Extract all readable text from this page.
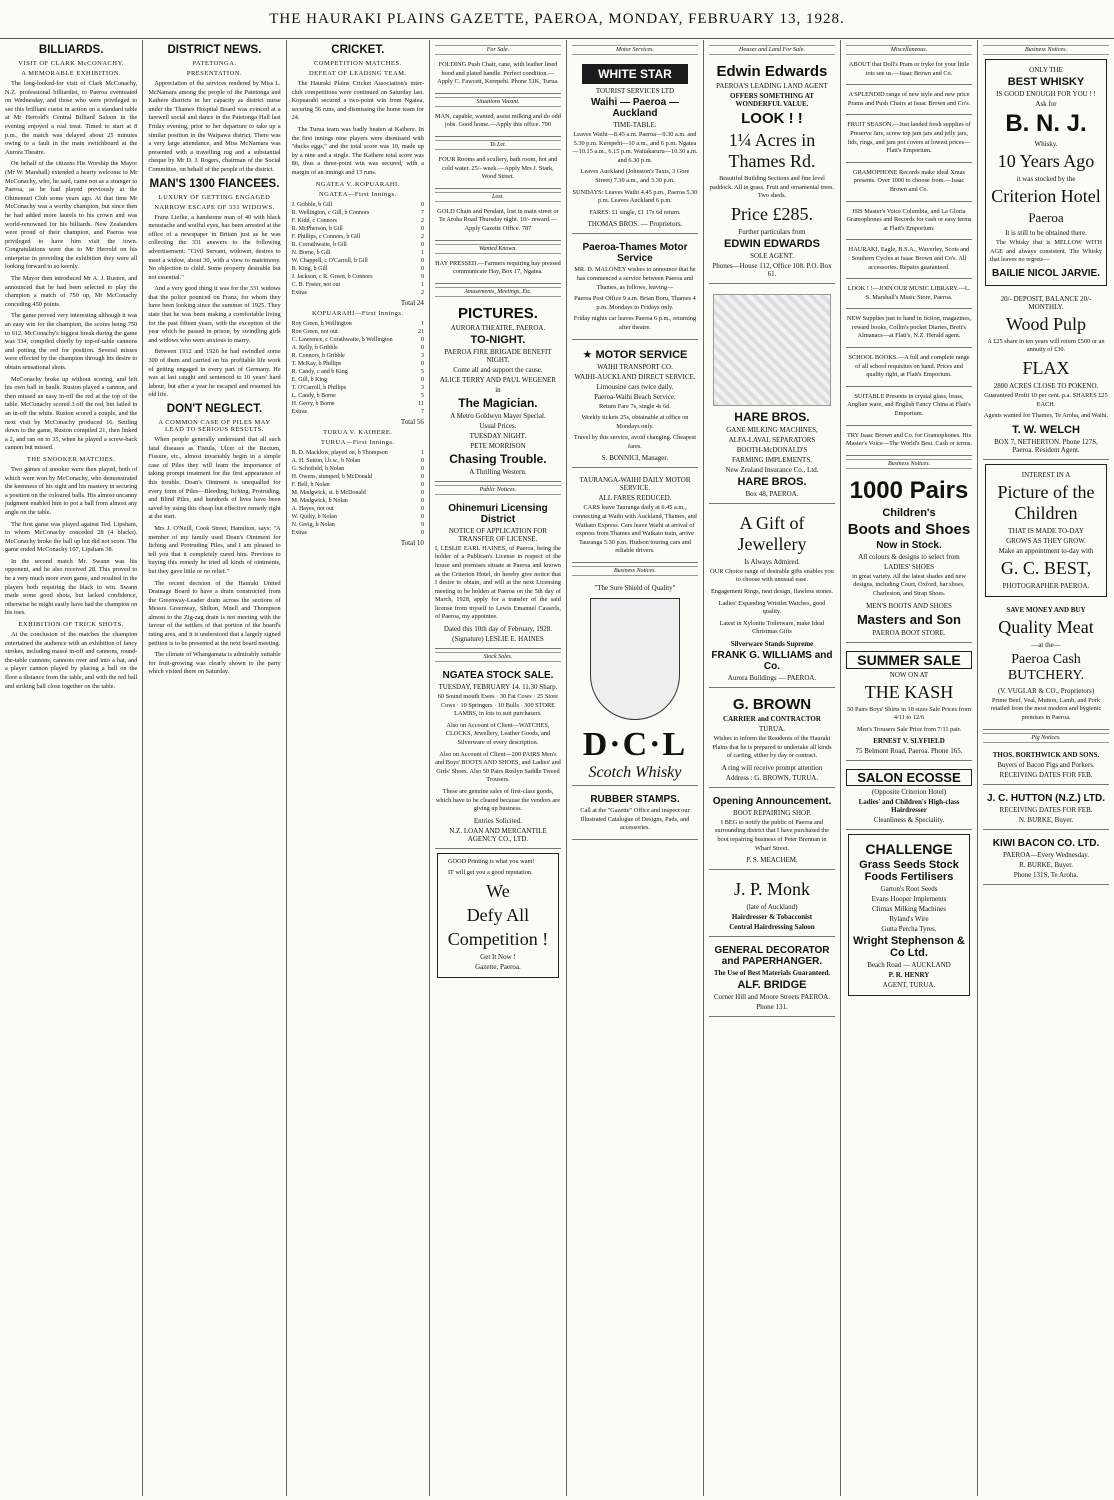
THE HAURAKI PLAINS GAZETTE, PAEROA, MONDAY, FEBRUARY 13, 1928.
BILLIARDS.
VISIT OF CLARK McCONACHY.
A MEMORABLE EXHIBITION.

The long-looked-for visit of Clark McConachy, N.Z. professional billiardist, to Paeroa eventuated on Wednesday, and those who were privileged to see this brilliant cueist in action on a standard table at Mr Herrold's Central Billiard Saloon in the evening enjoyed a real treat. Timed to start at 8 p.m., the match was delayed about 25 minutes owing to a fault in the main switchboard at the Aurora Theatre.

On behalf of the citizens His Worship the Mayor (Mr W. Marshall) extended a hearty welcome to Mr McConachy, who, he said, came not as a stranger to Paeroa, as he had played previously at the Ohinemuri Club some years ago. At that time Mr McConachy was a worthy champion, but since then he had added more laurels to his crown and was world-renowned for his billiards. New Zealanders were proud of their champion, and Paeroa was privileged to have him visit the town. Congratulations were due to Mr Herrold on his enterprise in providing the exhibition they were all looking forward to so keenly.

The Mayor then introduced Mr A. J. Ruston, and announced that he had been selected to play the champion a match of 750 up, Mr McConachy conceding 450 points.

The game proved very interesting although it was an easy win for the champion, the scores being 750 to 612. McConachy's biggest break during the game was 334, compiled chiefly by top-of-table cannons and potting the red for position. Several misses were effected by the champion through his desire to obtain sensational shots.

McConachy broke up without scoring, and left his own ball in baulk. Ruston played a cannon, and then missed an easy in-off the red at the top of the table. McConachy scored 3 off the red, but failed in an in-off the white. Ruston scored a couple, and the next visit by McConachy produced 16. Settling down to the game, Ruston compiled 21, then linked a 2, and ran on to 35, when he played a screw-back cannon but missed.

THE SNOOKER MATCHES.

Two games of snooker were then played, both of which were won by McConachy, who demonstrated the keenness of his sight and his mastery in securing a position on the coloured balls. His almost uncanny judgment enabled him to pot a ball from almost any angle on the table.

The first game was played against Ted. Lipsham, to whom McConachy conceded 28 (4 blacks). McConachy broke the ball up but did not score. The game ended McConachy 107, Lipsham 38.

In the second match Mr. Swann was his opponent, and he also received 28. This proved to be a very much more even game, and resulted in the players both requiring the black to win. Swann made some good shots, but lacked confidence, otherwise he might easily have had the champion on his toes.

EXHIBITION OF TRICK SHOTS.

At the conclusion of the matches the champion entertained the audience with an exhibition of fancy strokes, including massé in-off and cannons, round-the-table cannons, cannons over and into a hat, and a player cannon played by placing a ball on the floor a distance from the table, and with the red ball and striking ball close together on the table.

DISTRICT NEWS.
PATETONGA.
PRESENTATION.

Appreciation of the services rendered by Miss L. McNamara among the people of the Patetonga and Kaihere districts in her capacity as district nurse under the Thames Hospital Board was evinced at a farewell social and dance in the Patetonga Hall last Friday evening, prior to her departure to take up a similar position in the Waipawa district. There was a very large attendance, and Miss McNamara was presented with a travelling rug and a substantial cheque by Mr D. J. Rogers, chairman of the Social Committee, on behalf of the people of the district.

MAN'S 1300 FIANCEES.
LUXURY OF GETTING ENGAGED
NARROW ESCAPE OF 331 WIDOWS.

Franz Liefke, a handsome man of 40 with black moustache and soulful eyes, has been arrested at the office of a newspaper in Britain just as he was collecting the 331 answers to the following advertisement: "Civil Servant, widower, desires to meet a widow, about 30, with a view to matrimony. No objection to child. Some property desirable but not essential."

And a very good thing it was for the 331 widows that the police pounced on Franz, for whom they have been looking since the summer of 1925. They state that he was been making a comfortable living for the past fifteen years, with the exception of the year which he passed in prison, by swindling girls and widows who were anxious to marry.

Between 1912 and 1926 he had swindled some 300 of them and carried on his profitable life work of getting engaged in every part of Germany. He was at last caught and sentenced to 10 years' hard labour, but after a year he escaped and resumed his old life.

DON'T NEGLECT.
A COMMON CASE OF PILES MAY LEAD TO SERIOUS RESULTS.

When people generally understand that all such fatal diseases as Fistula, Ulcer of the Rectum, Fissure, etc., almost invariably begin in a simple case of Piles they will learn the importance of taking prompt treatment for the first appearance of this trouble. Doan's Ointment is unequalled for every form of Piles—Bleeding, Itching, Protruding, and Blind Piles, and hundreds of lives have been saved by using this cheap but effective remedy right at the start.

Mrs J. O'Neill, Cook Street, Hamilton, says: "A member of my family used Doan's Ointment for Itching and Protruding Piles, and I am pleased to tell you that it completely cured him. Previous to buying this remedy he tried all kinds of ointments, but they gave little or no relief."

The recent decision of the Hauraki United Drainage Board to have a drain constructed from the Greenway-Leader drain across the sections of Messrs Greenway, Shilton, Muell and Thompson almost to the Zig-zag drain is not meeting with the favour of the settlers of that portion of the board's rating area, and it is understood that a largely signed petition is to be presented at the next board meeting.

The climate of Whangamata is admirably suitable for fruit-growing was clearly shown to the party which visited there on Saturday.

CRICKET.
COMPETITION MATCHES.
DEFEAT OF LEADING TEAM.

The Hauraki Plains Cricket Association's inter-club competitions were continued on Saturday last. Kopuarahi secured a two-point win from Ngatea, securing 56 runs, and dismissing the home team for 24.

The Turua team was badly beaten at Kaihere. In the first innings nine players were dismissed with "ducks eggs," and the total score was 10, made up by a nine and a single. The Kaihere total score was 86, thus a three-point win was secured, with a margin of an innings and 13 runs.

NGATEA V. KOPUARAHI.
NGATEA—First Innings.
J. Gribble, b Gill	0
R. Wellington, c Gill, b Connors	7
F. Kidd, c Connors	2
R. McPherson, b Gill	0
F. Phillips, c Connors, b Gill	2
R. Corrathwaite, b Gill	0
N. Borne, b Gill	1
W. Chappell, c O'Carroll, b Gill	0
B. King, b Gill	0
J. Jackson, c R. Green, b Connors	9
C. B. Foster, not out	1
Extras	2
Total 24
KOPUARAHI—First Innings.
Roy Green, b Wellington	1
Ron Green, not out	21
C. Lawrence, c Corathwaite, b Wellington	0
A. Kelly, b Gribble	0
R. Connors, b Gribble	3
T. McKay, b Phillips	0
R. Candy, c and b King	5
E. Gill, b King	0
T. O'Carroll, b Phillips	3
L. Candy, b Borne	5
H. Gerry, b Borne	11
Extras	7
Total 56
TURUA V. KAIHERE.
TURUA—First Innings.
B. D. Macklow, played on, b Thompson	1
A. H. Sutton, l.b.w., b Nolan	0
G. Schofield, b Nolan	0
H. Owens, stumped, b McDonald	0
F. Bell, b Nolan	0
M. Madgwick, st. b McDonald	0
M. Madgwick, b Nolan	0
A. Hayes, not out	0
W. Quilty, b Nolan	0
N. Greig, b Nolan	9
Extras	0
Total 10
For Sale.

FOLDING Push Chair, cane, with leather lined hood and plated handle. Perfect condition.—Apply C. Fawcett, Kerepehi. Phone 51K, Turua.

Situations Vacant.

MAN, capable, wanted, assist milking and do odd jobs. Good home.—Apply this office. 790

To Let.

FOUR Rooms and scullery, bath room, hot and cold water. 25/- week.—Apply Mrs J. Stark, Wood Street.

Lost.

GOLD Chain and Pendant, lost in main street or Te Aroha Road Thursday night. 10/- reward.—Apply Gazette Office. 787

Wanted Known.

HAY PRESSED.—Farmers requiring hay pressed communicate Hay, Box 17, Ngatea.

Amusements, Meetings, Etc.
PICTURES.
AURORA THEATRE, PAEROA.
TO-NIGHT.
PAEROA FIRE BRIGADE BENEFIT NIGHT.
Come all and support the cause.
ALICE TERRY AND PAUL WEGENER
in
The Magician.
A Metro Goldwyn Mayer Special.
Usual Prices.
TUESDAY NIGHT.
PETE MORRISON
Chasing Trouble.
A Thrilling Western.
Public Notices.
Ohinemuri Licensing District
NOTICE OF APPLICATION FOR TRANSFER OF LICENSE.

I, LESLIE EARL HAINES, of Paeroa, being the holder of a Publican's License in respect of the house and premises situate at Paeroa and known as the Criterion Hotel, do hereby give notice that I desire to obtain, and will at the next Licensing meeting to be holden at Paeroa on the 5th day of March, 1928, apply for a transfer of the said license from myself to Lewis Emanuel Casserls, of Paeroa, my appointee.

Dated this 10th day of February, 1928.
(Signature) LESLIE E. HAINES
Stock Sales.
NGATEA STOCK SALE.
TUESDAY, FEBRUARY 14. 11.30 Sharp.

60 Sound mouth Ewes · 30 Fat Cows · 25 Store Cows · 10 Springers · 10 Bulls · 300 STORE LAMBS, in lots to suit purchasers.

Also on Account of Client—WATCHES, CLOCKS, Jewellery, Leather Goods, and Silverware of every description.

Also on Account of Client—200 PAIRS Men's and Boys' BOOTS AND SHOES, and Ladies' and Girls' Shoes. Also 50 Pairs Roslyn Saddle Tweed Trousers.

These are genuine sales of first-class goods, which have to be cleared because the vendors are giving up business.

Entries Solicited.
N.Z. LOAN AND MERCANTILE AGENCY CO., LTD.

GOOD Printing is what you want!

IT will get you a good reputation.

We
Defy All
Competition !
Get It Now !
Gazette, Paeroa.
Motor Services.
WHITE STAR
TOURIST SERVICES LTD
Waihi — Paeroa — Auckland
TIME-TABLE.

Leaves Waihi—8.45 a.m. Paeroa—9.30 a.m. and 5.30 p.m. Kerepehi—10 a.m., and 6 p.m. Ngatea—10.15 a.m., 6.15 p.m. Waitakaruru—10.30 a.m. and 6.30 p.m.

Leaves Auckland (Johnston's Taxis, 3 Gore Street) 7.30 a.m., and 3.30 p.m.

SUNDAYS: Leaves Waihi 4.45 p.m., Paeroa 5.30 p.m. Leaves Auckland 6 p.m.

FARES: £1 single, £1 17s 6d return.

THOMAS BROS. — Proprietors.
Paeroa-Thames Motor Service

MR. D. MALONEY wishes to announce that he has commenced a service between Paeroa and Thames, as follows, leaving—

Paeroa Post Office 9 a.m. Brian Boru, Thames 4 p.m. Mondays to Fridays only.

Friday nights car leaves Paeroa 6 p.m., returning after theatre.

★ MOTOR SERVICE
WAIHI TRANSPORT CO.
WAIHI-AUCKLAND DIRECT SERVICE.
Limousine cars twice daily.
Paeroa-Waihi Beach Service.

Return Fare 7s, single 4s 6d.

Weekly tickets 25s, obtainable at office on Mondays only.

Travel by this service, avoid changing. Cheapest fares.

S. BONNICI, Manager.
TAURANGA-WAIHI DAILY MOTOR SERVICE.
ALL FARES REDUCED.

CARS leave Tauranga daily at 6.45 a.m., connecting at Waihi with Auckland, Thames, and Waikato Express. Cars leave Waihi at arrival of express from Thames and Waikato train, arrive Tauranga 5.30 p.m. Hudson touring cars and reliable drivers.

Business Notices.
"The Sure Shield of Quality"
D·C·L
Scotch Whisky
RUBBER STAMPS.

Call at the "Gazette" Office and inspect our Illustrated Catalogue of Designs, Pads, and accessories.

Houses and Land For Sale.
Edwin Edwards
PAEROA'S LEADING LAND AGENT
OFFERS SOMETHING AT WONDERFUL VALUE.
LOOK ! !
1¼ Acres in Thames Rd.

Beautiful Building Sections and fine level paddock. All in grass. Fruit and ornamental trees. Two sheds.

Price £285.
Further particulars from
EDWIN EDWARDS
SOLE AGENT.
Phones—House 112, Office 108. P.O. Box 61.
HARE BROS.
GANE MILKING MACHINES,
ALFA-LAVAL SEPARATORS
BOOTH-McDONALD'S
FARMING IMPLEMENTS.
New Zealand Insurance Co., Ltd.
HARE BROS.
Box 48, PAEROA.
A Gift of Jewellery
Is Always Admired.

OUR Choice range of desirable gifts enables you to choose with unusual ease.

Engagement Rings, neat design, flawless stones.

Ladies' Expanding Wristlet Watches, good quality.

Latest in Xylonite Toiletware, make Ideal Christmas Gifts

Silverware Stands Supreme
FRANK G. WILLIAMS and Co.
Aurora Buildings — PAEROA.
G. BROWN
CARRIER and CONTRACTOR
TURUA.

Wishes to inform the Residents of the Hauraki Plains that he is prepared to undertake all kinds of carting, either by day or contract.

A ring will receive prompt attention
Address : G. BROWN, TURUA.
Opening Announcement.
BOOT REPAIRING SHOP.

I BEG to notify the public of Paeroa and surrounding district that I have purchased the boot repairing business of Peter Brennan in Wharf Street.

P. S. MEACHEM.
J. P. Monk
(late of Auckland)
Hairdresser & Tobacconist
Central Hairdressing Saloon
GENERAL DECORATOR and PAPERHANGER.
The Use of Best Materials Guaranteed.
ALF. BRIDGE
Corner Hill and Moore Streets PAEROA.
Phone 131.
Miscellaneous.

ABOUT that Doll's Pram or tryke for your little tots see us.—Isaac Brown and Co.

A SPLENDID range of new style and new price Prams and Push Chairs at Isaac Brown and Co's.

FRUIT SEASON.—Just landed fresh supplies of Preserve Jars, screw top jam jars and jelly jars, lids, rings, and jam pot covers at lowest prices—Flatt's Emporium.

GRAMOPHONE Records make ideal Xmas presents. Over 1000 to choose from.—Isaac Brown and Co.

HIS Master's Voice Columbia, and La Gloria Gramophones and Records for cash or easy terms at Flatt's Emporium.

HAURAKI, Eagle, B.S.A., Waverley, Scots and Southern Cycles at Isaac Brown and Co's. All accessories. Repairs guaranteed.

LOOK ! !—JOIN OUR MUSIC LIBRARY.—L. S. Marshall's Music Store, Paeroa.

NEW Supplies just to hand in fiction, magazines, reward books, Collin's pocket Diaries, Brett's Almanacs—at Flatt's, N.Z. Herald agent.

SCHOOL BOOKS.—A full and complete range of all school requisites on hand. Prices and quality right, at Flatt's Emporium.

SUITABLE Presents in crystal glass, brass, Anglian ware, and English Fancy China at Flatt's Emporium.

TRY Isaac Brown and Co. for Gramophones. His Master's Voice—The World's Best. Cash or terms.

Business Notices.
1000 Pairs
Children's
Boots and Shoes
Now in Stock.
All colours & designs to select from
LADIES' SHOES

in great variety. All the latest shades and new designs, including Court, Oxford, bar shoes, Charleston, and Strap Shoes.

MEN'S BOOTS AND SHOES
Masters and Son
PAEROA BOOT STORE.
SUMMER SALE
NOW ON AT
THE KASH

50 Pairs Boys' Shirts in 18 sizes Sale Prices from 4/11 to 12/6

Men's Trousers Sale Price from 7/11 pair.

ERNEST V. SLYFIELD
75 Belmont Road, Paeroa. Phone 165.
SALON ECOSSE
(Opposite Criterion Hotel)
Ladies' and Children's High-class Hairdresser
Cleanliness & Speciality.
CHALLENGE
Grass Seeds Stock Foods Fertilisers
Garton's Root Seeds
Evans Hooper Implements
Climax Milking Machines
Ryland's Wire
Gutta Percha Tyres.
Wright Stephenson & Co Ltd.
Beach Road — AUCKLAND
P. R. HENRY
AGENT, TURUA.
Business Notices.
ONLY THE
BEST WHISKY
IS GOOD ENOUGH FOR YOU ! !
Ask for
B. N. J.
Whisky.
10 Years Ago
it was stocked by the
Criterion Hotel
Paeroa
It is still to be obtained there.

The Whisky that is MELLOW WITH AGE and always consistent. The Whisky that leaves no regrets—

BAILIE NICOL JARVIE.
20/- DEPOSIT, BALANCE 20/- MONTHLY.
Wood Pulp

A £25 share in ten years will return £500 or an annuity of £30.

FLAX
2800 ACRES CLOSE TO POKENO.

Guaranteed Profit 10 per cent. p.a. SHARES £25 EACH.

Agents wanted for Thames, Te Aroha, and Waihi.

T. W. WELCH
BOX 7, NETHERTON. Phone 127S, Paeroa. Resident Agent.
INTEREST IN A
Picture of the Children
THAT IS MADE TO-DAY
GROWS AS THEY GROW.
Make an appointment to-day with
G. C. BEST,
PHOTOGRAPHER PAEROA.
SAVE MONEY AND BUY
Quality Meat
—at the—
Paeroa Cash BUTCHERY.
(V. VUGLAR & CO., Proprietors)

Prime Beef, Veal, Mutton, Lamb, and Pork retailed from the most modern and hygienic premises in Paeroa.

Pig Notices.
THOS. BORTHWICK AND SONS.
Buyers of Bacon Pigs and Porkers.
RECEIVING DATES FOR FEB.
J. C. HUTTON (N.Z.) LTD.
RECEIVING DATES FOR FEB.
N. BURKE, Buyer.
KIWI BACON CO. LTD.
PAEROA—Every Wednesday.
R. BURKE, Buyer.
Phone 131S, Te Aroha.
